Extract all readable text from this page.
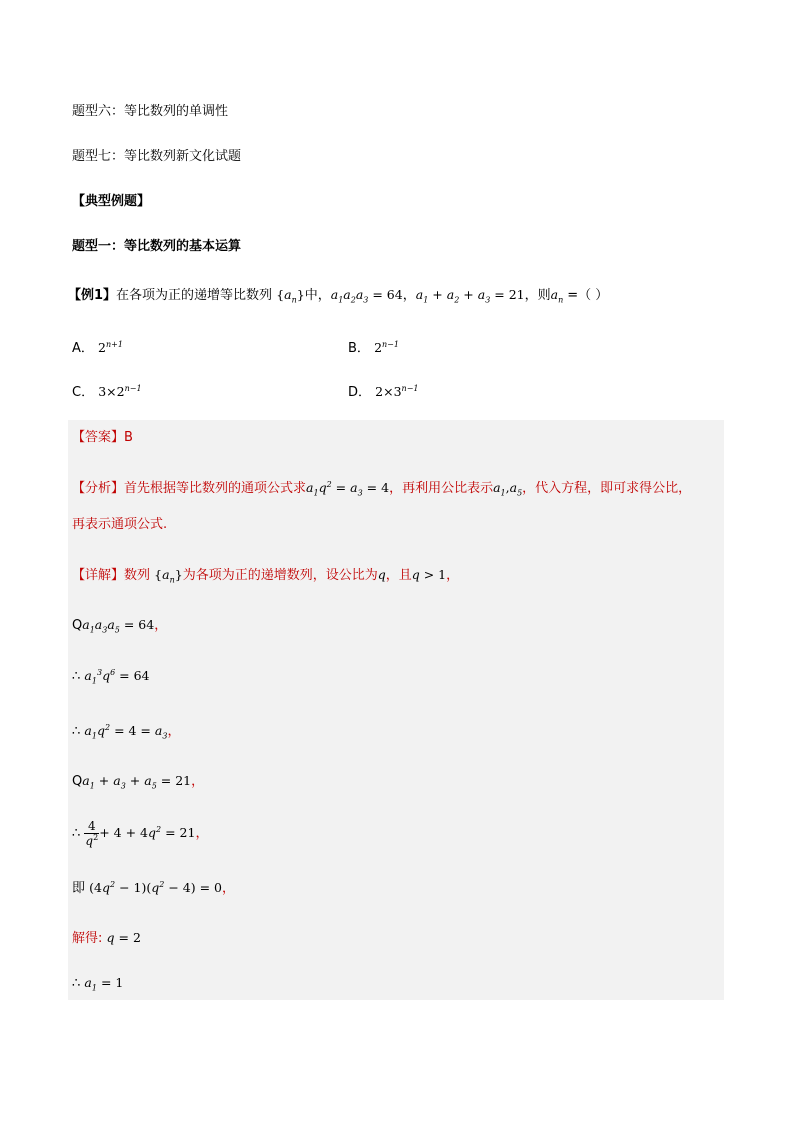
题型六：等比数列的单调性
题型七：等比数列新文化试题
【典型例题】
题型一：等比数列的基本运算
【例1】在各项为正的递增等比数列 $\{a_n\}$中，$a_1a_2a_3 = 64$，$a_1 + a_2 + a_3 = 21$，则$a_n$ =（ ）
A． $2^{n+1}$	B． $2^{n-1}$
C． $3\times 2^{n-1}$	D． $2\times 3^{n-1}$
【答案】B
【分析】首先根据等比数列的通项公式求$a_1q^2 = a_3 = 4$，再利用公比表示$a_1,a_5$，代入方程，即可求得公比，
再表示通项公式.
【详解】数列 $\{a_n\}$为各项为正的递增数列，设公比为q，且q > 1，
$Qa_1a_3a_5 = 64$，
∴ $a_1^3q^6 = 64$
∴ $a_1q^2 = 4 = a_3$，
$Qa_1 + a_3 + a_5 = 21$，
∴ $\frac{4}{q^2} + 4 + 4q^2 = 21$，
即 $(4q^2 - 1)(q^2 - 4) = 0$，
解得: q = 2
∴ $a_1 = 1$
